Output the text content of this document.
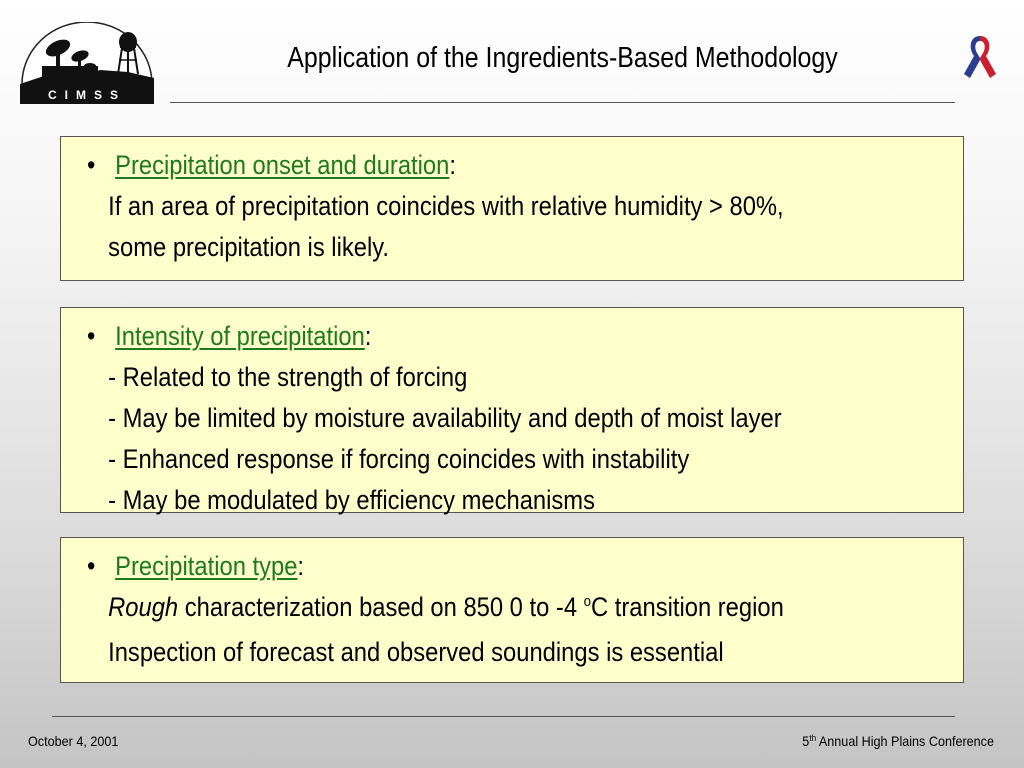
CIMSS
Application of the Ingredients-Based Methodology
• Precipitation onset and duration :
If an area of precipitation coincides with relative humidity > 80%,
some precipitation is likely.
• Intensity of precipitation :
- Related to the strength of forcing
- May be limited by moisture availability and depth of moist layer
- Enhanced response if forcing coincides with instability
- May be modulated by efficiency mechanisms
• Precipitation type :
Rough characterization based on 850 0 to -4 $^o$C transition region
Inspection of forecast and observed soundings is essential
October 4, 2001	5th Annual High Plains Conference
